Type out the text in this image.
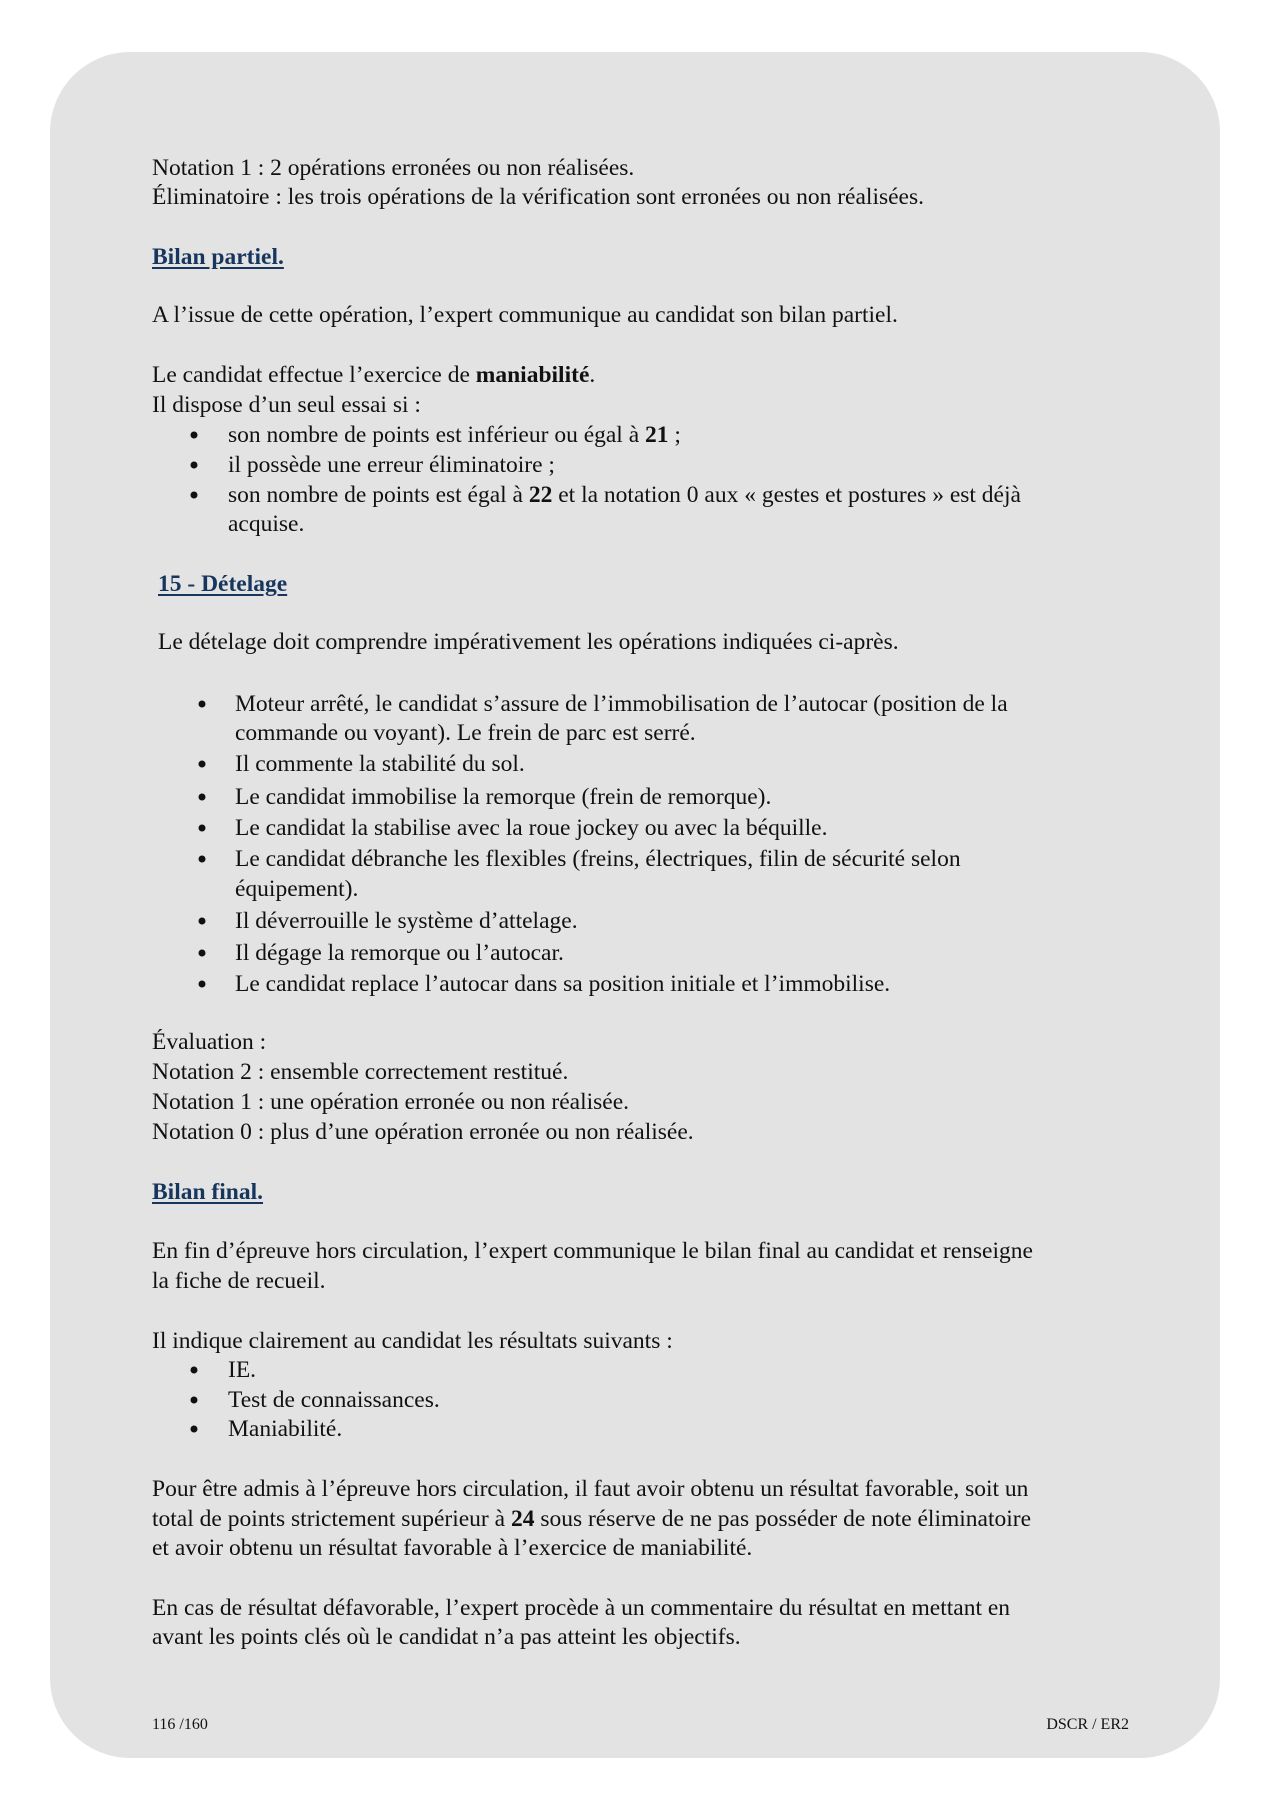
Notation 1 : 2 opérations erronées ou non réalisées.
Éliminatoire : les trois opérations de la vérification sont erronées ou non réalisées.
Bilan partiel.
A l’issue de cette opération, l’expert communique au candidat son bilan partiel.
Le candidat effectue l’exercice de maniabilité.
Il dispose d’un seul essai si :
son nombre de points est inférieur ou égal à 21 ;
il possède une erreur éliminatoire ;
son nombre de points est égal à 22 et la notation 0 aux « gestes et postures » est déjà
acquise.
15 - Dételage
Le dételage doit comprendre impérativement les opérations indiquées ci-après.
Moteur arrêté, le candidat s’assure de l’immobilisation de l’autocar (position de la
commande ou voyant). Le frein de parc est serré.
Il commente la stabilité du sol.
Le candidat immobilise la remorque (frein de remorque).
Le candidat la stabilise avec la roue jockey ou avec la béquille.
Le candidat débranche les flexibles (freins, électriques, filin de sécurité selon
équipement).
Il déverrouille le système d’attelage.
Il dégage la remorque ou l’autocar.
Le candidat replace l’autocar dans sa position initiale et l’immobilise.
Évaluation :
Notation 2 : ensemble correctement restitué.
Notation 1 : une opération erronée ou non réalisée.
Notation 0 : plus d’une opération erronée ou non réalisée.
Bilan final.
En fin d’épreuve hors circulation, l’expert communique le bilan final au candidat et renseigne
la fiche de recueil.
Il indique clairement au candidat les résultats suivants :
IE.
Test de connaissances.
Maniabilité.
Pour être admis à l’épreuve hors circulation, il faut avoir obtenu un résultat favorable, soit un
total de points strictement supérieur à 24 sous réserve de ne pas posséder de note éliminatoire
et avoir obtenu un résultat favorable à l’exercice de maniabilité.
En cas de résultat défavorable, l’expert procède à un commentaire du résultat en mettant en
avant les points clés où le candidat n’a pas atteint les objectifs.
116 /160	DSCR / ER2
